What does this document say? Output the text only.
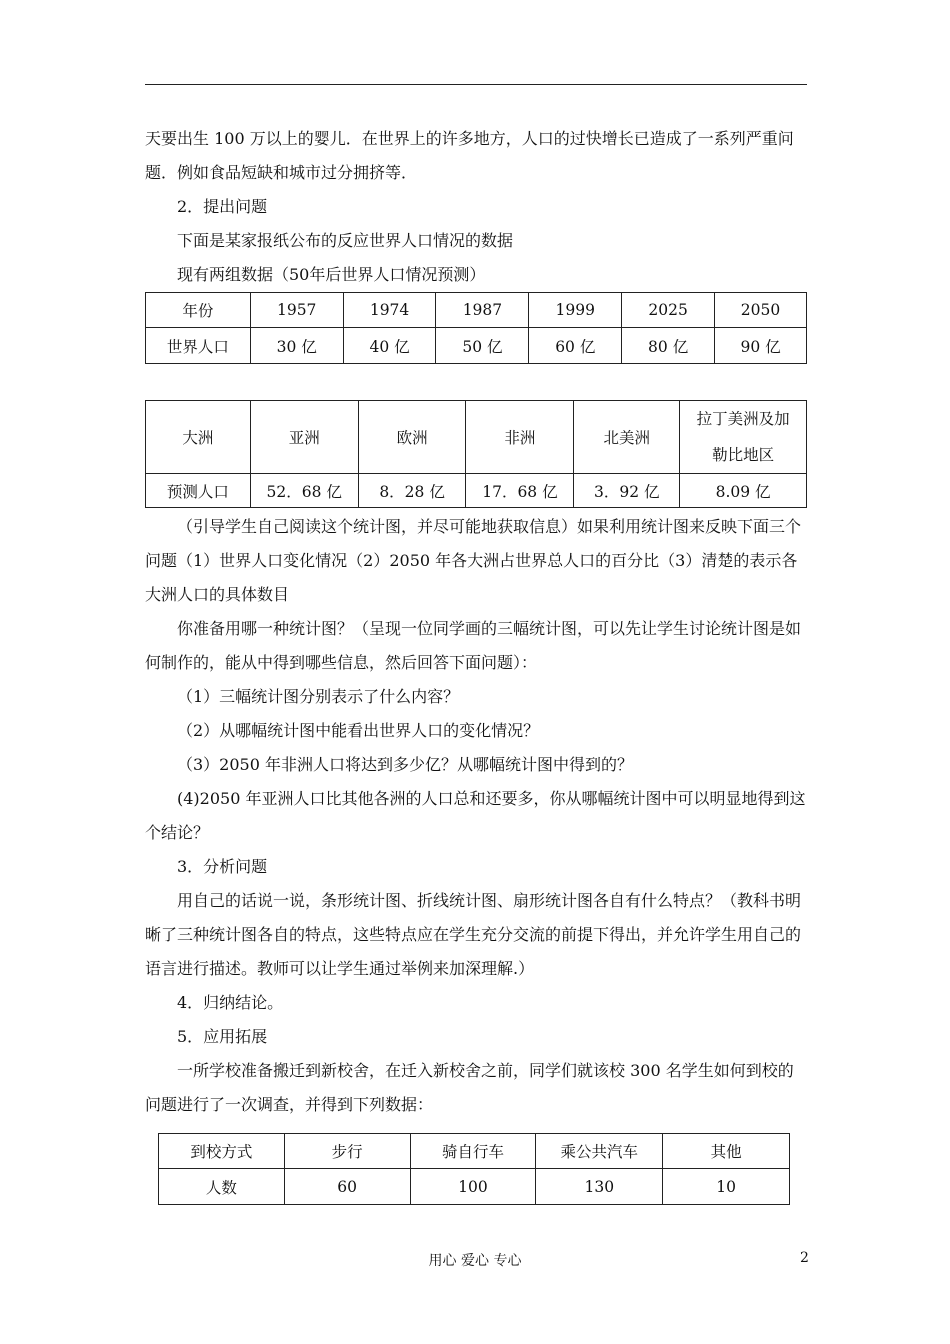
天要出生 100 万以上的婴儿．在世界上的许多地方，人口的过快增长已造成了一系列严重问题．例如食品短缺和城市过分拥挤等．

2．提出问题

下面是某家报纸公布的反应世界人口情况的数据

现有两组数据（50年后世界人口情况预测）

年份	1957	1974	1987	1999	2025	2050
世界人口	30 亿	40 亿	50 亿	60 亿	80 亿	90 亿
大洲	亚洲	欧洲	非洲	北美洲	拉丁美洲及加勒比地区
预测人口	52．68 亿	8．28 亿	17．68 亿	3．92 亿	8.09 亿

（引导学生自己阅读这个统计图，并尽可能地获取信息）如果利用统计图来反映下面三个问题（1）世界人口变化情况（2）2050 年各大洲占世界总人口的百分比（3）清楚的表示各大洲人口的具体数目

你准备用哪一种统计图？（呈现一位同学画的三幅统计图，可以先让学生讨论统计图是如何制作的，能从中得到哪些信息，然后回答下面问题）：

（1）三幅统计图分别表示了什么内容？

（2）从哪幅统计图中能看出世界人口的变化情况？

（3）2050 年非洲人口将达到多少亿？从哪幅统计图中得到的？

(4)2050 年亚洲人口比其他各洲的人口总和还要多，你从哪幅统计图中可以明显地得到这个结论？

3．分析问题

用自己的话说一说，条形统计图、折线统计图、扇形统计图各自有什么特点？（教科书明晰了三种统计图各自的特点，这些特点应在学生充分交流的前提下得出，并允许学生用自己的语言进行描述。教师可以让学生通过举例来加深理解.）

4．归纳结论。

5．应用拓展

一所学校准备搬迁到新校舍，在迁入新校舍之前，同学们就该校 300 名学生如何到校的问题进行了一次调查，并得到下列数据：

到校方式	步行	骑自行车	乘公共汽车	其他
人数	60	100	130	10
用心 爱心 专心	2
